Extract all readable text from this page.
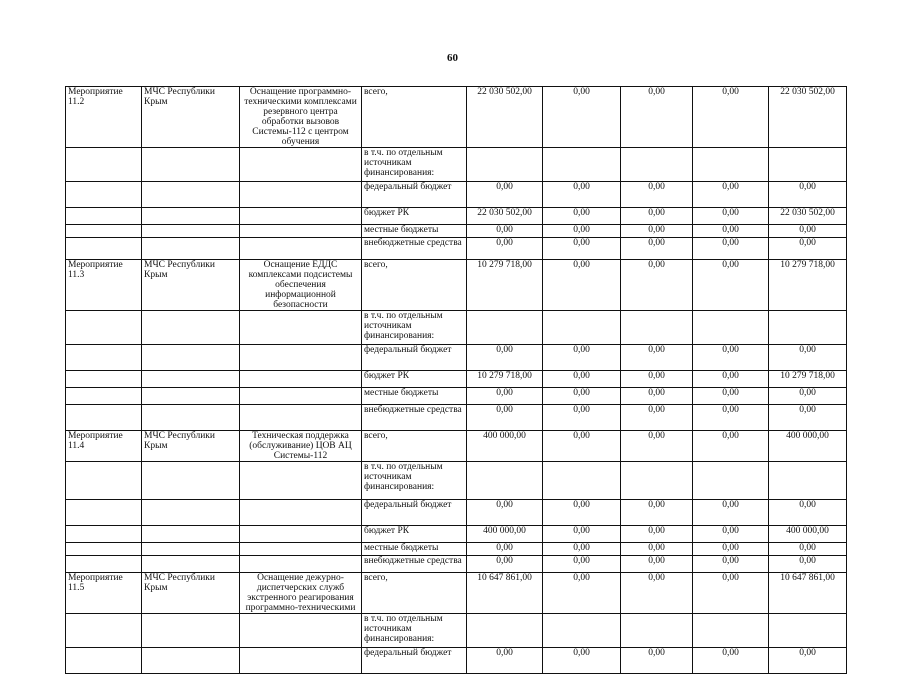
60
Мероприятие 11.2	МЧС Республики Крым	Оснащение программно-техническими комплексами резервного центра обработки вызовов Системы-112 с центром обучения	всего,	22 030 502,00	0,00	0,00	0,00	22 030 502,00
			в т.ч. по отдельным источникам финансирования:					
			федеральный бюджет	0,00	0,00	0,00	0,00	0,00
			бюджет РК	22 030 502,00	0,00	0,00	0,00	22 030 502,00
			местные бюджеты	0,00	0,00	0,00	0,00	0,00
			внебюджетные средства	0,00	0,00	0,00	0,00	0,00
Мероприятие 11.3	МЧС Республики Крым	Оснащение ЕДДС комплексами подсистемы обеспечения информационной безопасности	всего,	10 279 718,00	0,00	0,00	0,00	10 279 718,00
			в т.ч. по отдельным источникам финансирования:					
			федеральный бюджет	0,00	0,00	0,00	0,00	0,00
			бюджет РК	10 279 718,00	0,00	0,00	0,00	10 279 718,00
			местные бюджеты	0,00	0,00	0,00	0,00	0,00
			внебюджетные средства	0,00	0,00	0,00	0,00	0,00
Мероприятие 11.4	МЧС Республики Крым	Техническая поддержка (обслуживание) ЦОВ АЦ Системы-112	всего,	400 000,00	0,00	0,00	0,00	400 000,00
			в т.ч. по отдельным источникам финансирования:					
			федеральный бюджет	0,00	0,00	0,00	0,00	0,00
			бюджет РК	400 000,00	0,00	0,00	0,00	400 000,00
			местные бюджеты	0,00	0,00	0,00	0,00	0,00
			внебюджетные средства	0,00	0,00	0,00	0,00	0,00
Мероприятие 11.5	МЧС Республики Крым	Оснащение дежурно-диспетчерских служб экстренного реагирования программно-техническими	всего,	10 647 861,00	0,00	0,00	0,00	10 647 861,00
			в т.ч. по отдельным источникам финансирования:					
			федеральный бюджет	0,00	0,00	0,00	0,00	0,00
